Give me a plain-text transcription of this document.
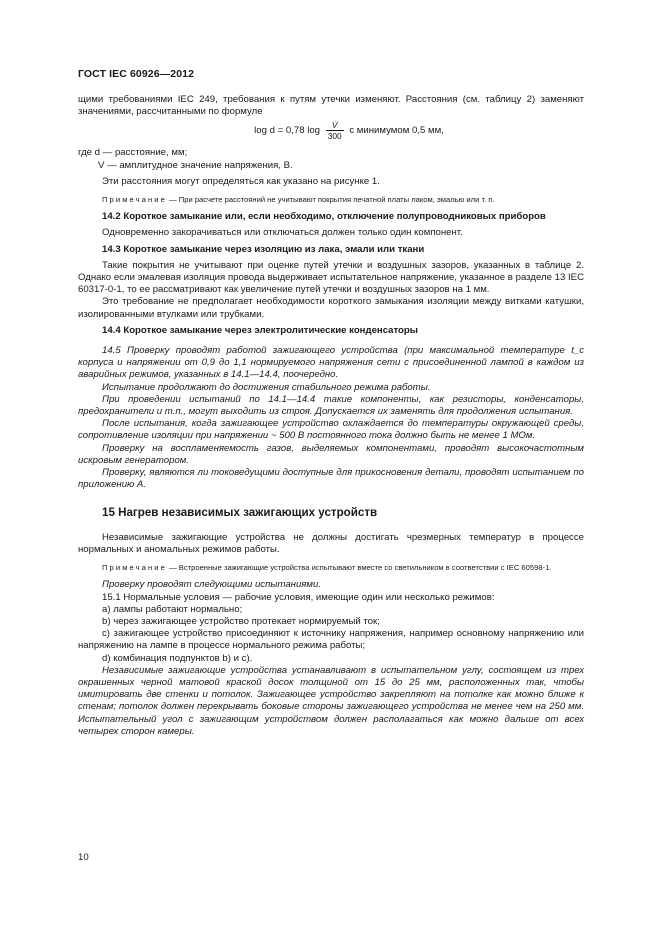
ГОСТ IEC 60926—2012

щими требованиями IEC 249, требования к путям утечки изменяют. Расстояния (см. таблицу 2) заменяют значениями, рассчитанными по формуле

log d = 0,78 $\log \frac{V̇}{300}$ с минимумом 0,5 мм,
где d —
расстояние, мм;
V —
амплитудное значение напряжения, В.

Эти расстояния могут определяться как указано на рисунке 1.

Примечание — При расчете расстояний не учитывают покрытия печатной платы лаком, эмалью или т. п.

14.2 Короткое замыкание или, если необходимо, отключение полупроводниковых приборов

Одновременно закорачиваться или отключаться должен только один компонент.

14.3 Короткое замыкание через изоляцию из лака, эмали или ткани

Такие покрытия не учитывают при оценке путей утечки и воздушных зазоров, указанных в таблице 2. Однако если эмалевая изоляция провода выдерживает испытательное напряжение, указанное в разделе 13 IEC 60317-0-1, то ее рассматривают как увеличение путей утечки и воздушных зазоров на 1 мм.

Это требование не предполагает необходимости короткого замыкания изоляции между витками катушки, изолированными втулками или трубками.

14.4 Короткое замыкание через электролитические конденсаторы

14.5 Проверку проводят работой зажигающего устройства (при максимальной температуре t_c корпуса и напряжении от 0,9 до 1,1 нормируемого напряжения сети с присоединенной лампой в каждом из аварийных режимов, указанных в 14.1—14.4, поочередно.

Испытание продолжают до достижения стабильного режима работы.

При проведении испытаний по 14.1—14.4 такие компоненты, как резисторы, конденсаторы, предохранители и т.п., могут выходить из строя. Допускается их заменять для продолжения испытания.

После испытания, когда зажигающее устройство охлаждается до температуры окружающей среды, сопротивление изоляции при напряжении ~ 500 В постоянного тока должно быть не менее 1 МОм.

Проверку на воспламеняемость газов, выделяемых компонентами, проводят высокочастотным искровым генератором.

Проверку, являются ли токоведущими доступные для прикосновения детали, проводят испытанием по приложению А.

15 Нагрев независимых зажигающих устройств

Независимые зажигающие устройства не должны достигать чрезмерных температур в процессе нормальных и аномальных режимов работы.

Примечание — Встроенные зажигающие устройства испытывают вместе со светильником в соответствии с IEC 60598-1.

Проверку проводят следующими испытаниями.

15.1 Нормальные условия — рабочие условия, имеющие один или несколько режимов:

а) лампы работают нормально;

b) через зажигающее устройство протекает нормируемый ток;

c) зажигающее устройство присоединяют к источнику напряжения, например основному напряжению или напряжению на лампе в процессе нормального режима работы;

d) комбинация подпунктов b) и c).

Независимые зажигающие устройства устанавливают в испытательном углу, состоящем из трех окрашенных черной матовой краской досок толщиной от 15 до 25 мм, расположенных так, чтобы имитировать две стенки и потолок. Зажигающее устройство закрепляют на потолке как можно ближе к стенам; потолок должен перекрывать боковые стороны зажигающего устройства не менее чем на 250 мм. Испытательный угол с зажигающим устройством должен располагаться как можно дальше от всех четырех сторон камеры.

10
